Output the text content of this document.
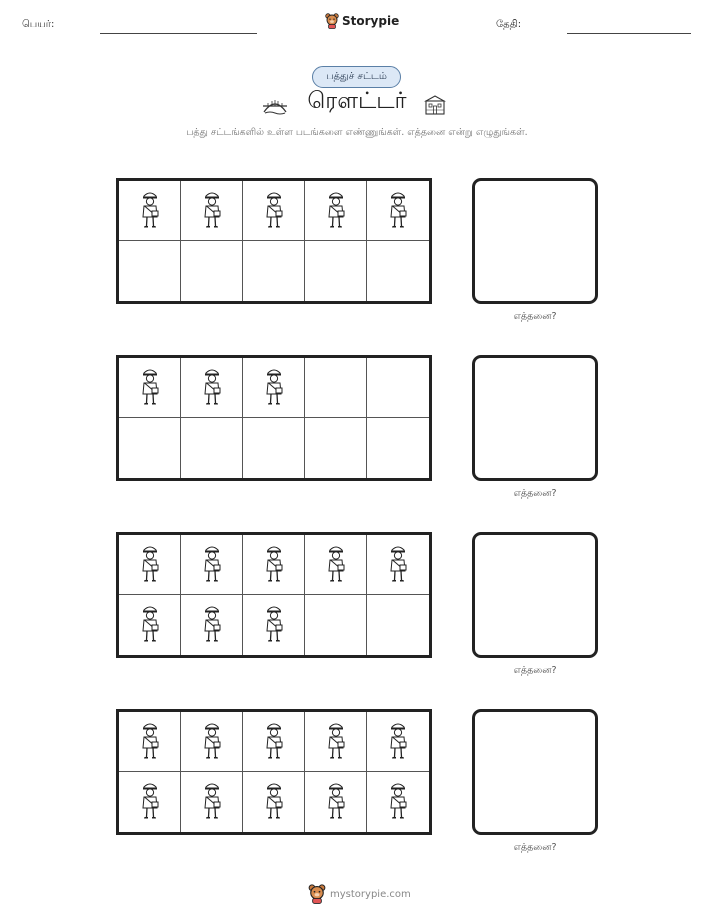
பெயர்:	Storypie	தேதி:
பத்துச் சட்டம்
ரௌட்டர்
பத்து சட்டங்களில் உள்ள படங்களை எண்ணுங்கள். எத்தனை என்று எழுதுங்கள்.
எத்தனை?
எத்தனை?
எத்தனை?
எத்தனை?
mystorypie.com
